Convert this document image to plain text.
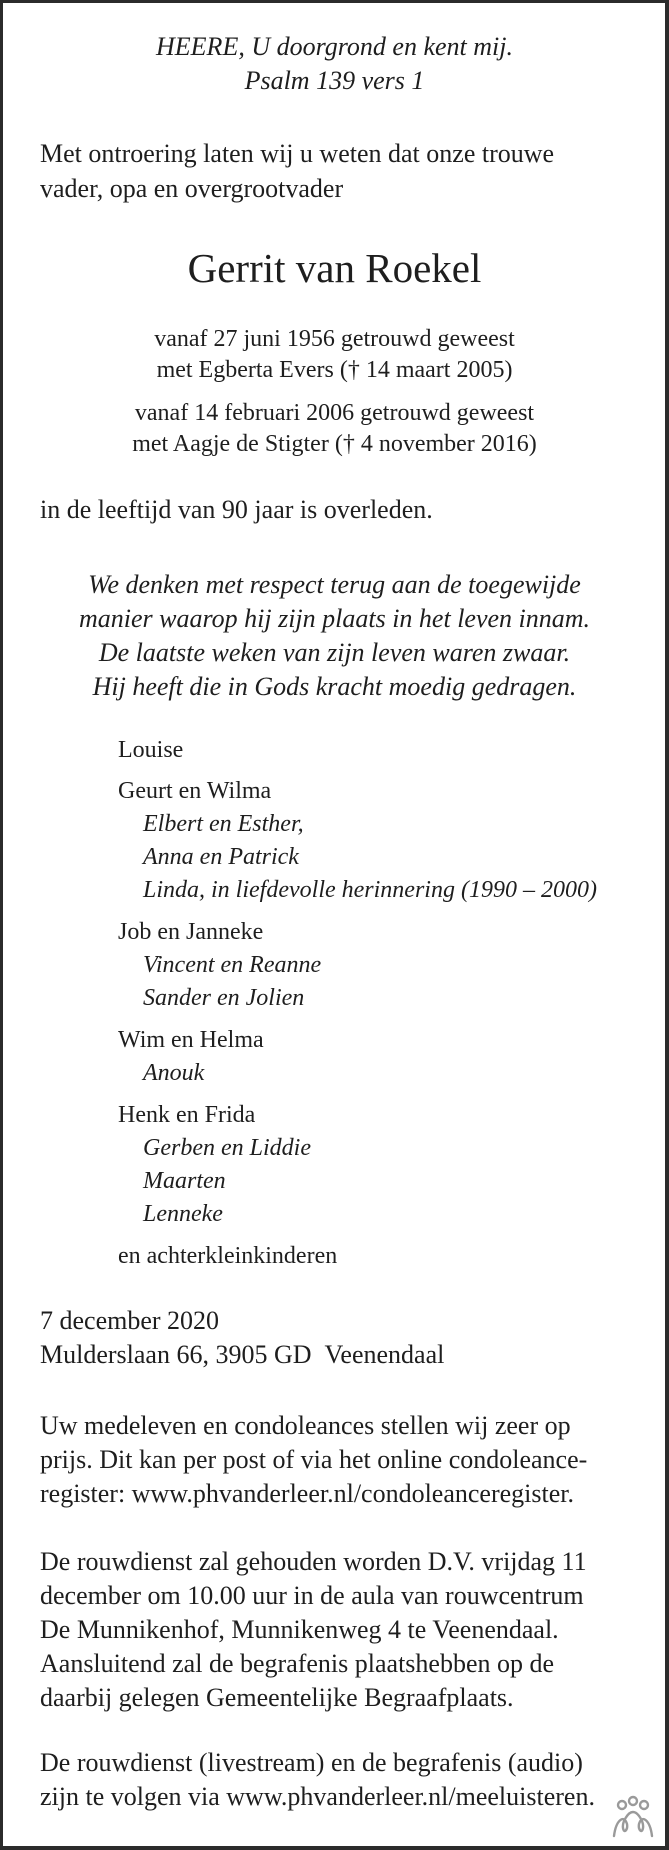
HEERE, U doorgrond en kent mij.
Psalm 139 vers 1
Met ontroering laten wij u weten dat onze trouwe
vader, opa en overgrootvader
Gerrit van Roekel
vanaf 27 juni 1956 getrouwd geweest
met Egberta Evers († 14 maart 2005)
vanaf 14 februari 2006 getrouwd geweest
met Aagje de Stigter († 4 november 2016)
in de leeftijd van 90 jaar is overleden.
We denken met respect terug aan de toegewijde
manier waarop hij zijn plaats in het leven innam.
De laatste weken van zijn leven waren zwaar.
Hij heeft die in Gods kracht moedig gedragen.
Louise
Geurt en Wilma
Elbert en Esther,
Anna en Patrick
Linda, in liefdevolle herinnering (1990 – 2000)
Job en Janneke
Vincent en Reanne
Sander en Jolien
Wim en Helma
Anouk
Henk en Frida
Gerben en Liddie
Maarten
Lenneke
en achterkleinkinderen
7 december 2020
Mulderslaan 66, 3905 GD  Veenendaal
Uw medeleven en condoleances stellen wij zeer op
prijs. Dit kan per post of via het online condoleance-
register: www.phvanderleer.nl/condoleanceregister.
De rouwdienst zal gehouden worden D.V. vrijdag 11
december om 10.00 uur in de aula van rouwcentrum
De Munnikenhof, Munnikenweg 4 te Veenendaal.
Aansluitend zal de begrafenis plaatshebben op de
daarbij gelegen Gemeentelijke Begraafplaats.
De rouwdienst (livestream) en de begrafenis (audio)
zijn te volgen via www.phvanderleer.nl/meeluisteren.
